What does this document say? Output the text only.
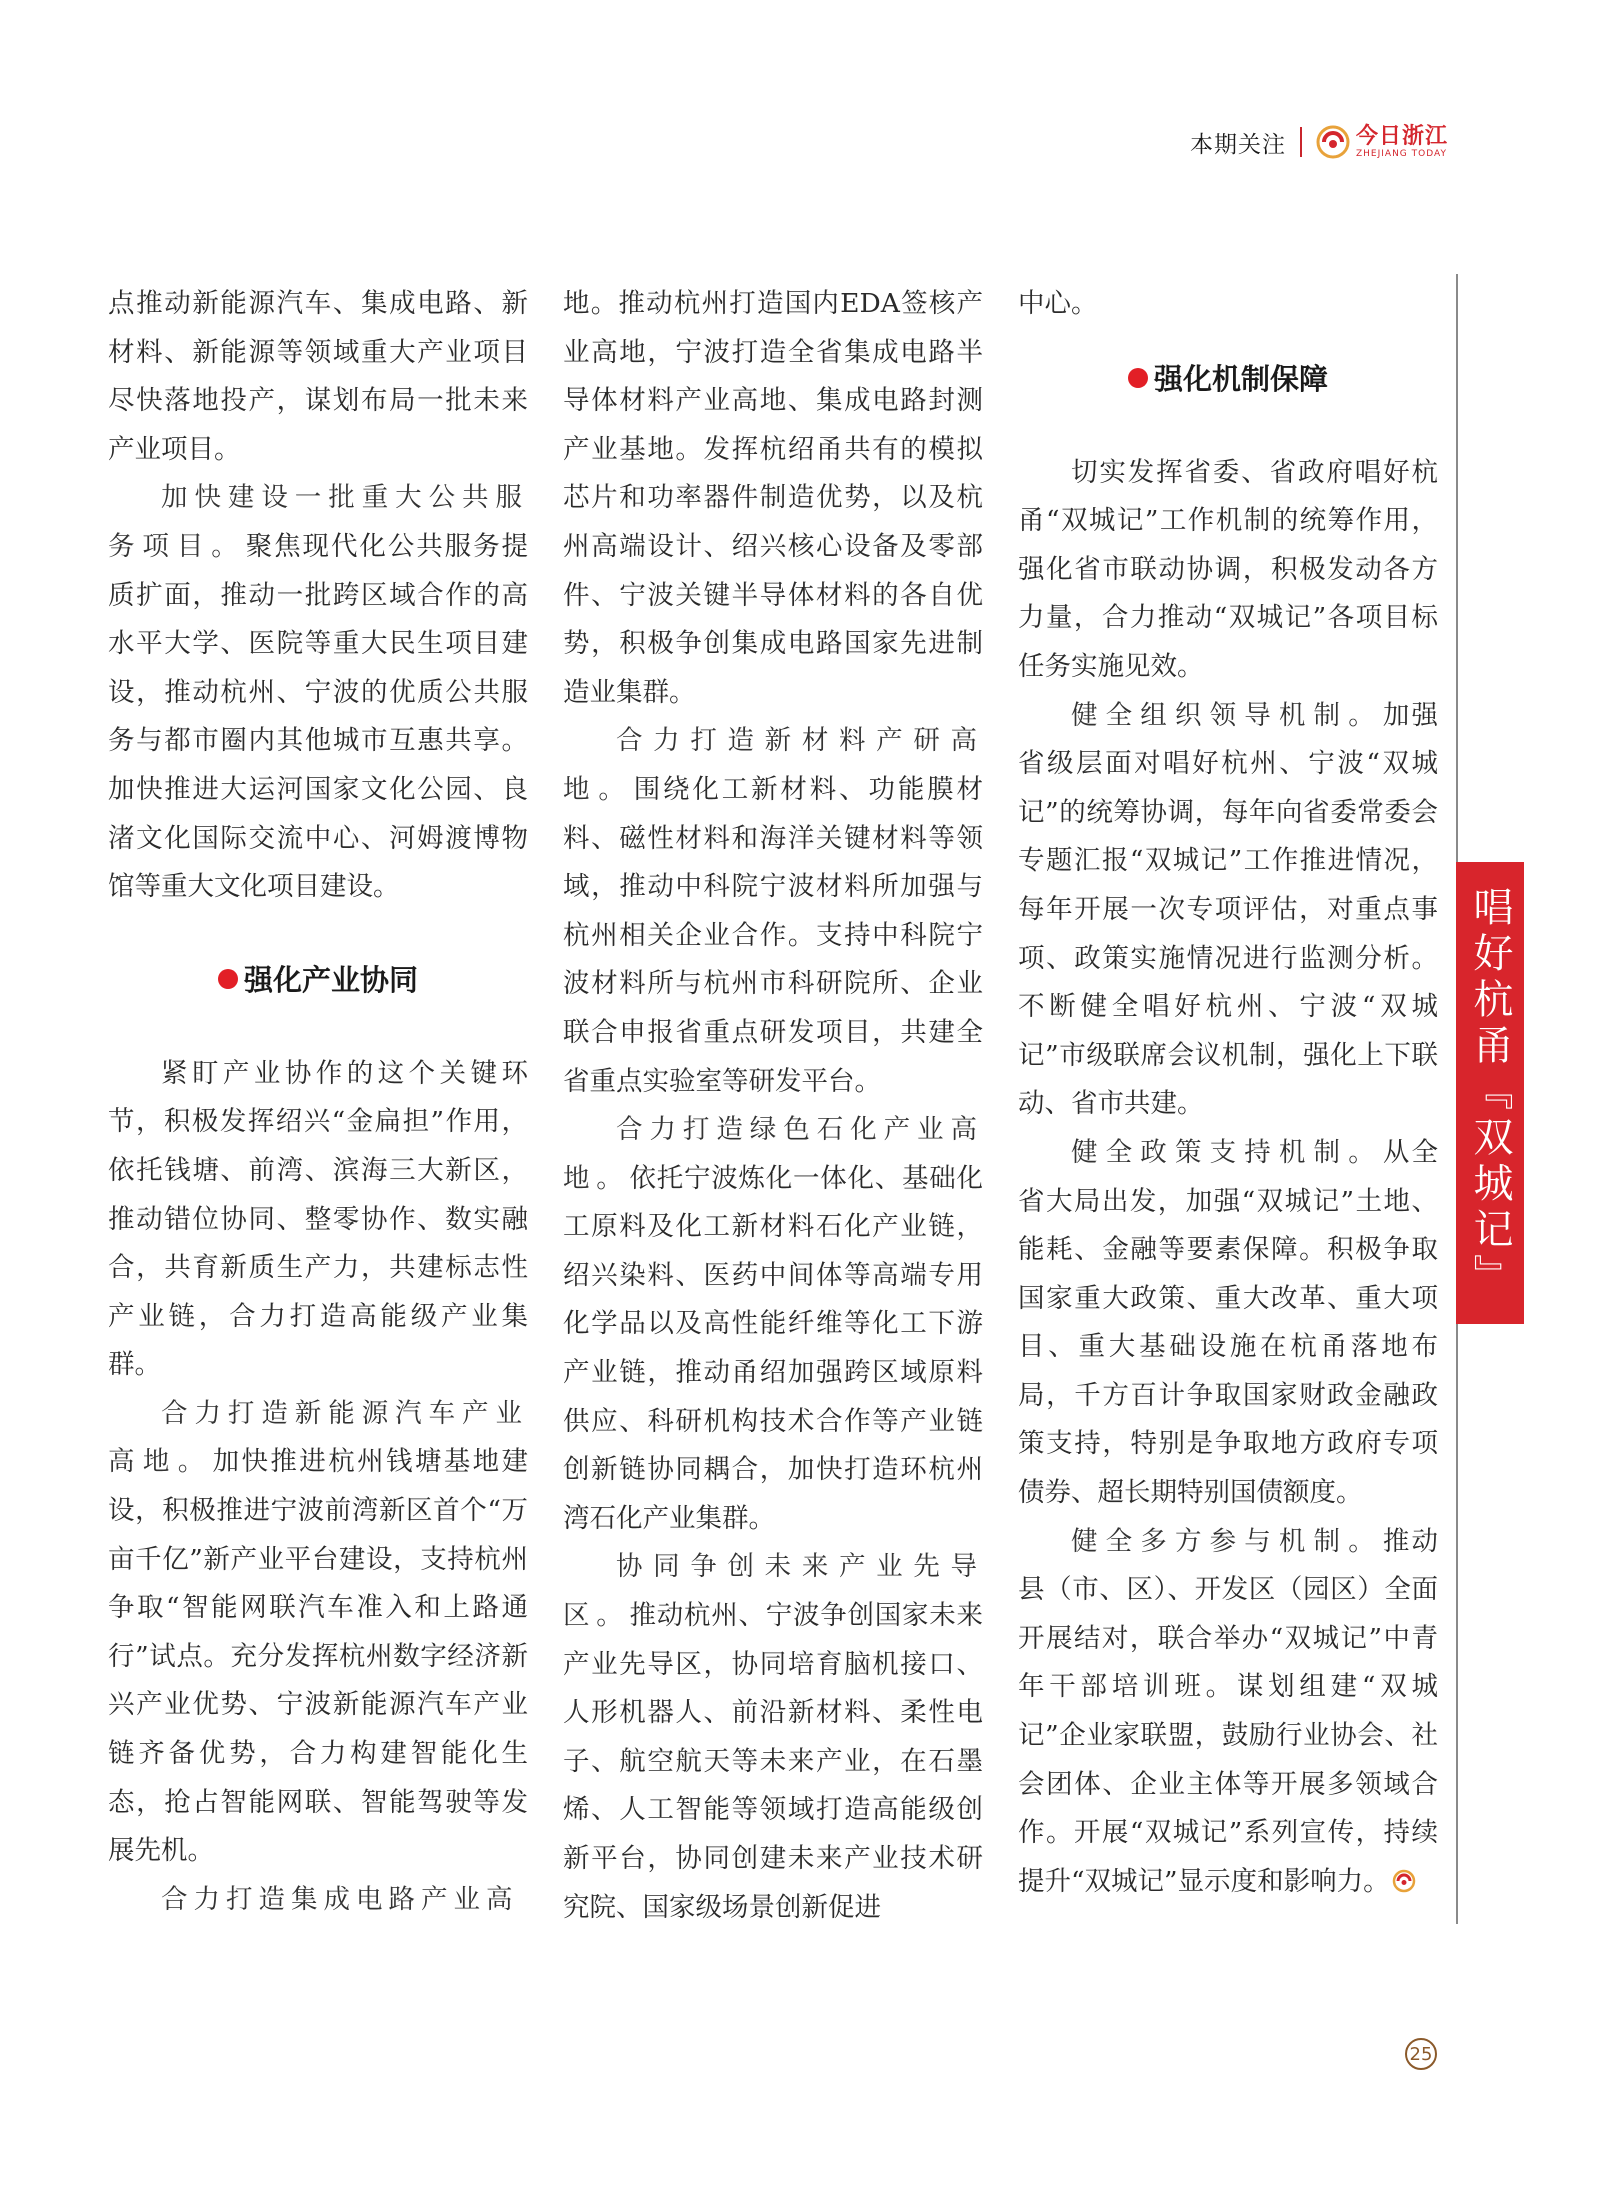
本期关注	今日浙江
ZHEJIANG TODAY

点推动新能源汽车、集成电路、新材料、新能源等领域重大产业项目尽快落地投产，谋划布局一批未来产业项目。

加快建设一批重大公共服务项目。聚焦现代化公共服务提质扩面，推动一批跨区域合作的高水平大学、医院等重大民生项目建设，推动杭州、宁波的优质公共服务与都市圈内其他城市互惠共享。加快推进大运河国家文化公园、良渚文化国际交流中心、河姆渡博物馆等重大文化项目建设。

强化产业协同

紧盯产业协作的这个关键环节，积极发挥绍兴“金扁担”作用，依托钱塘、前湾、滨海三大新区，推动错位协同、整零协作、数实融合，共育新质生产力，共建标志性产业链，合力打造高能级产业集群。

合力打造新能源汽车产业高地。加快推进杭州钱塘基地建设，积极推进宁波前湾新区首个“万亩千亿”新产业平台建设，支持杭州争取“智能网联汽车准入和上路通行”试点。充分发挥杭州数字经济新兴产业优势、宁波新能源汽车产业链齐备优势，合力构建智能化生态，抢占智能网联、智能驾驶等发展先机。

合力打造集成电路产业高

地。推动杭州打造国内EDA签核产业高地，宁波打造全省集成电路半导体材料产业高地、集成电路封测产业基地。发挥杭绍甬共有的模拟芯片和功率器件制造优势，以及杭州高端设计、绍兴核心设备及零部件、宁波关键半导体材料的各自优势，积极争创集成电路国家先进制造业集群。

合力打造新材料产研高地。围绕化工新材料、功能膜材料、磁性材料和海洋关键材料等领域，推动中科院宁波材料所加强与杭州相关企业合作。支持中科院宁波材料所与杭州市科研院所、企业联合申报省重点研发项目，共建全省重点实验室等研发平台。

合力打造绿色石化产业高地。依托宁波炼化一体化、基础化工原料及化工新材料石化产业链，绍兴染料、医药中间体等高端专用化学品以及高性能纤维等化工下游产业链，推动甬绍加强跨区域原料供应、科研机构技术合作等产业链创新链协同耦合，加快打造环杭州湾石化产业集群。

协同争创未来产业先导区。推动杭州、宁波争创国家未来产业先导区，协同培育脑机接口、人形机器人、前沿新材料、柔性电子、航空航天等未来产业，在石墨烯、人工智能等领域打造高能级创新平台，协同创建未来产业技术研究院、国家级场景创新促进

中心。

强化机制保障

切实发挥省委、省政府唱好杭甬“双城记”工作机制的统筹作用，强化省市联动协调，积极发动各方力量，合力推动“双城记”各项目标任务实施见效。

健全组织领导机制。加强省级层面对唱好杭州、宁波“双城记”的统筹协调，每年向省委常委会专题汇报“双城记”工作推进情况，每年开展一次专项评估，对重点事项、政策实施情况进行监测分析。不断健全唱好杭州、宁波“双城记”市级联席会议机制，强化上下联动、省市共建。

健全政策支持机制。从全省大局出发，加强“双城记”土地、能耗、金融等要素保障。积极争取国家重大政策、重大改革、重大项目、重大基础设施在杭甬落地布局，千方百计争取国家财政金融政策支持，特别是争取地方政府专项债券、超长期特别国债额度。

健全多方参与机制。推动县（市、区）、开发区（园区）全面开展结对，联合举办“双城记”中青年干部培训班。谋划组建“双城记”企业家联盟，鼓励行业协会、社会团体、企业主体等开展多领域合作。开展“双城记”系列宣传，持续提升“双城记”显示度和影响力。

唱好杭甬『双城记』
25
